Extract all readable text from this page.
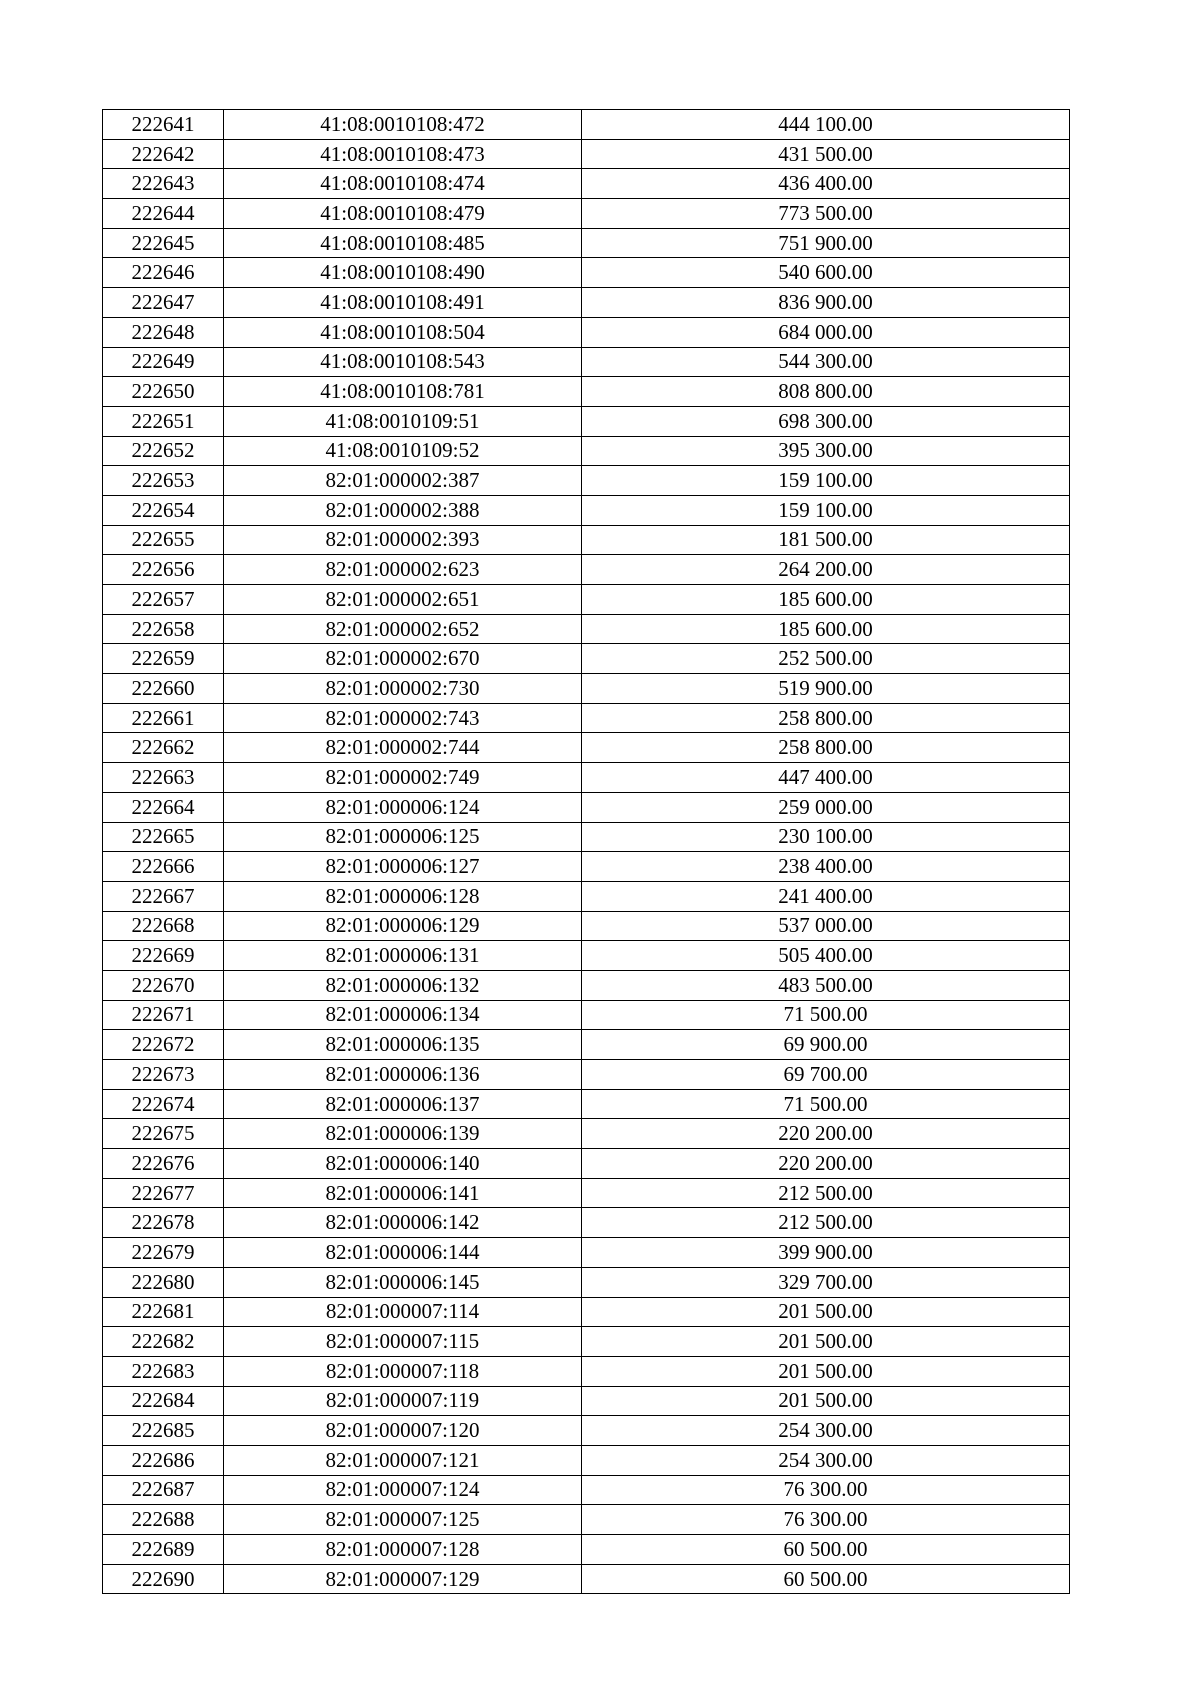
222641	41:08:0010108:472	444 100.00
222642	41:08:0010108:473	431 500.00
222643	41:08:0010108:474	436 400.00
222644	41:08:0010108:479	773 500.00
222645	41:08:0010108:485	751 900.00
222646	41:08:0010108:490	540 600.00
222647	41:08:0010108:491	836 900.00
222648	41:08:0010108:504	684 000.00
222649	41:08:0010108:543	544 300.00
222650	41:08:0010108:781	808 800.00
222651	41:08:0010109:51	698 300.00
222652	41:08:0010109:52	395 300.00
222653	82:01:000002:387	159 100.00
222654	82:01:000002:388	159 100.00
222655	82:01:000002:393	181 500.00
222656	82:01:000002:623	264 200.00
222657	82:01:000002:651	185 600.00
222658	82:01:000002:652	185 600.00
222659	82:01:000002:670	252 500.00
222660	82:01:000002:730	519 900.00
222661	82:01:000002:743	258 800.00
222662	82:01:000002:744	258 800.00
222663	82:01:000002:749	447 400.00
222664	82:01:000006:124	259 000.00
222665	82:01:000006:125	230 100.00
222666	82:01:000006:127	238 400.00
222667	82:01:000006:128	241 400.00
222668	82:01:000006:129	537 000.00
222669	82:01:000006:131	505 400.00
222670	82:01:000006:132	483 500.00
222671	82:01:000006:134	71 500.00
222672	82:01:000006:135	69 900.00
222673	82:01:000006:136	69 700.00
222674	82:01:000006:137	71 500.00
222675	82:01:000006:139	220 200.00
222676	82:01:000006:140	220 200.00
222677	82:01:000006:141	212 500.00
222678	82:01:000006:142	212 500.00
222679	82:01:000006:144	399 900.00
222680	82:01:000006:145	329 700.00
222681	82:01:000007:114	201 500.00
222682	82:01:000007:115	201 500.00
222683	82:01:000007:118	201 500.00
222684	82:01:000007:119	201 500.00
222685	82:01:000007:120	254 300.00
222686	82:01:000007:121	254 300.00
222687	82:01:000007:124	76 300.00
222688	82:01:000007:125	76 300.00
222689	82:01:000007:128	60 500.00
222690	82:01:000007:129	60 500.00
